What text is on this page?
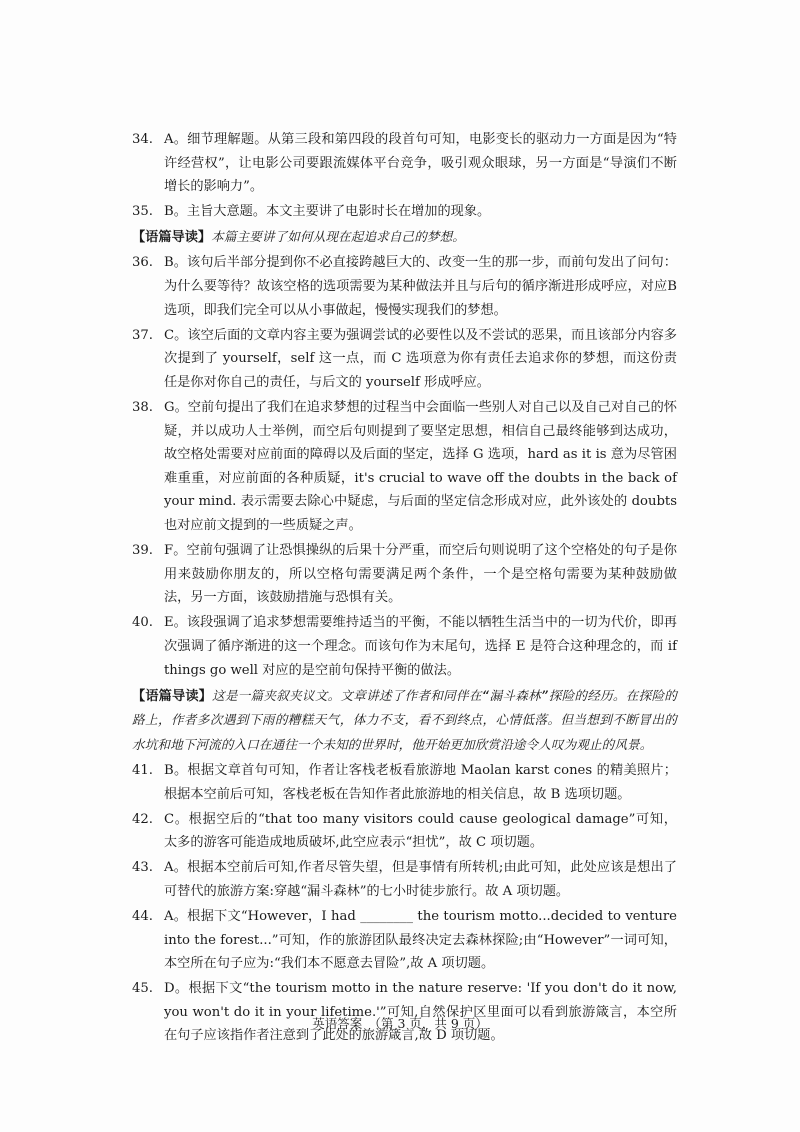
34. A。细节理解题。从第三段和第四段的段首句可知，电影变长的驱动力一方面是因为“特许经营权”，让电影公司要跟流媒体平台竞争，吸引观众眼球，另一方面是“导演们不断增长的影响力”。
35. B。主旨大意题。本文主要讲了电影时长在增加的现象。
【语篇导读】本篇主要讲了如何从现在起追求自己的梦想。
36. B。该句后半部分提到你不必直接跨越巨大的、改变一生的那一步，而前句发出了问句：为什么要等待？故该空格的选项需要为某种做法并且与后句的循序渐进形成呼应，对应B选项，即我们完全可以从小事做起，慢慢实现我们的梦想。
37. C。该空后面的文章内容主要为强调尝试的必要性以及不尝试的恶果，而且该部分内容多次提到了 yourself，self 这一点，而 C 选项意为你有责任去追求你的梦想，而这份责任是你对你自己的责任，与后文的 yourself 形成呼应。
38. G。空前句提出了我们在追求梦想的过程当中会面临一些别人对自己以及自己对自己的怀疑，并以成功人士举例，而空后句则提到了要坚定思想，相信自己最终能够到达成功，故空格处需要对应前面的障碍以及后面的坚定，选择 G 选项，hard as it is 意为尽管困难重重，对应前面的各种质疑，it's crucial to wave off the doubts in the back of your mind. 表示需要去除心中疑虑，与后面的坚定信念形成对应，此外该处的 doubts 也对应前文提到的一些质疑之声。
39. F。空前句强调了让恐惧操纵的后果十分严重，而空后句则说明了这个空格处的句子是你用来鼓励你朋友的，所以空格句需要满足两个条件，一个是空格句需要为某种鼓励做法，另一方面，该鼓励措施与恐惧有关。
40. E。该段强调了追求梦想需要维持适当的平衡，不能以牺牲生活当中的一切为代价，即再次强调了循序渐进的这一个理念。而该句作为末尾句，选择 E 是符合这种理念的，而 if things go well 对应的是空前句保持平衡的做法。
【语篇导读】这是一篇夹叙夹议文。文章讲述了作者和同伴在“漏斗森林”探险的经历。在探险的路上，作者多次遇到下雨的糟糕天气，体力不支，看不到终点，心情低落。但当想到不断冒出的水坑和地下河流的入口在通往一个未知的世界时，他开始更加欣赏沿途令人叹为观止的风景。
41. B。根据文章首句可知，作者让客栈老板看旅游地 Maolan karst cones 的精美照片；根据本空前后可知，客栈老板在告知作者此旅游地的相关信息，故 B 选项切题。
42. C。根据空后的“that too many visitors could cause geological damage”可知，太多的游客可能造成地质破坏,此空应表示“担忧”，故 C 项切题。
43. A。根据本空前后可知,作者尽管失望，但是事情有所转机;由此可知，此处应该是想出了可替代的旅游方案:穿越“漏斗森林”的七小时徒步旅行。故 A 项切题。
44. A。根据下文“However，I had ________ the tourism motto...decided to venture into the forest...”可知，作的旅游团队最终决定去森林探险;由“However”一词可知，本空所在句子应为:“我们本不愿意去冒险”,故 A 项切题。
45. D。根据下文“the tourism motto in the nature reserve: 'If you don't do it now, you won't do it in your lifetime.'”可知,自然保护区里面可以看到旅游箴言，本空所在句子应该指作者注意到了此处的旅游箴言,故 D 项切题。
英语答案　（第 3 页，共 9 页）
